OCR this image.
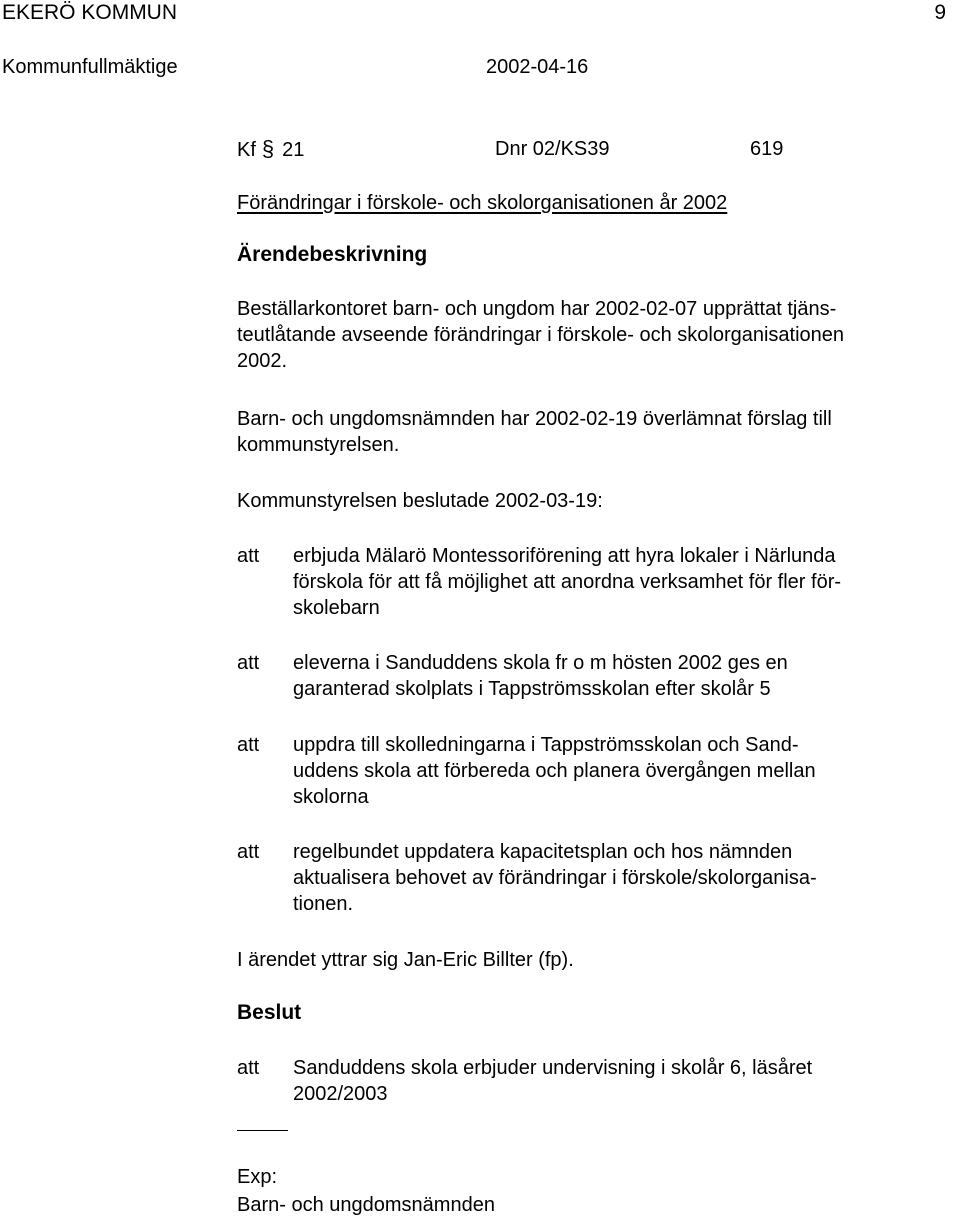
EKERÖ KOMMUN	9
Kommunfullmäktige	2002-04-16
Kf § 21	Dnr 02/KS39	619
Förändringar i förskole- och skolorganisationen år 2002
Ärendebeskrivning
Beställarkontoret barn- och ungdom har 2002-02-07 upprättat tjäns-
teutlåtande avseende förändringar i förskole- och skolorganisationen
2002.
Barn- och ungdomsnämnden har 2002-02-19 överlämnat förslag till
kommunstyrelsen.
Kommunstyrelsen beslutade 2002-03-19:
att erbjuda Mälarö Montessoriförening att hyra lokaler i Närlunda
förskola för att få möjlighet att anordna verksamhet för fler för-
skolebarn
att eleverna i Sanduddens skola fr o m hösten 2002 ges en
garanterad skolplats i Tappströmsskolan efter skolår 5
att uppdra till skolledningarna i Tappströmsskolan och Sand-
uddens skola att förbereda och planera övergången mellan
skolorna
att regelbundet uppdatera kapacitetsplan och hos nämnden
aktualisera behovet av förändringar i förskole/skolorganisa-
tionen.
I ärendet yttrar sig Jan-Eric Billter (fp).
Beslut
att Sanduddens skola erbjuder undervisning i skolår 6, läsåret
2002/2003
Exp:
Barn- och ungdomsnämnden
